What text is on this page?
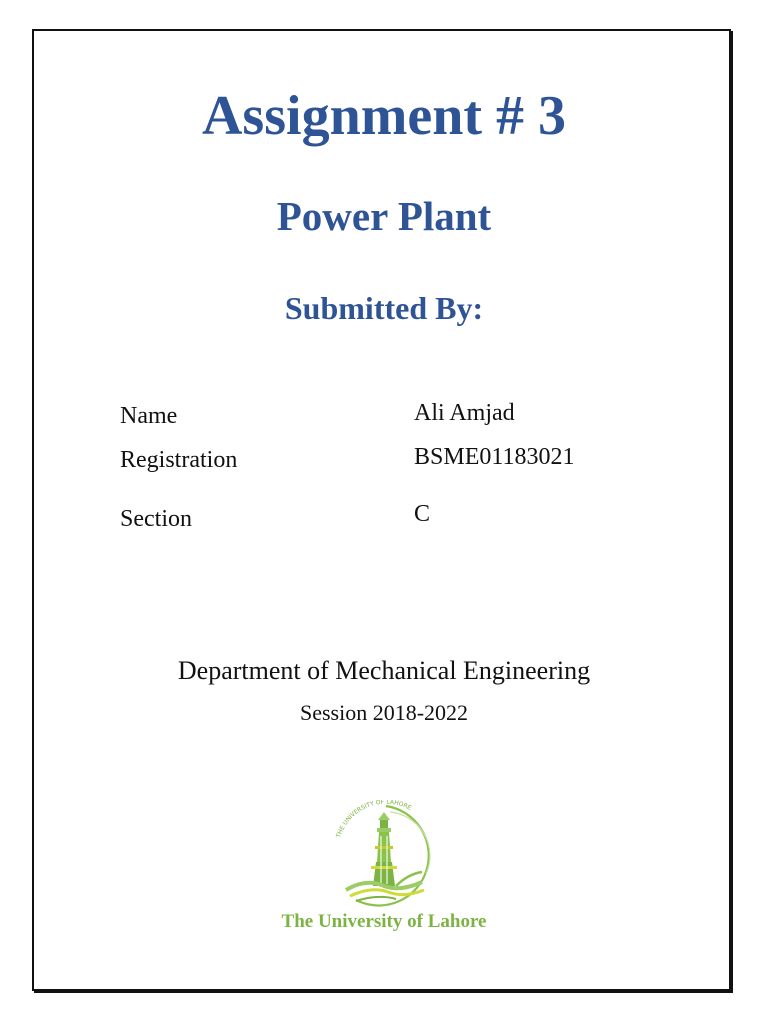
Assignment # 3
Power Plant
Submitted By:
Name	Ali Amjad
Registration	BSME01183021
Section	C
Department of Mechanical Engineering
Session 2018-2022
THE UNIVERSITY OF LAHORE
The University of Lahore
